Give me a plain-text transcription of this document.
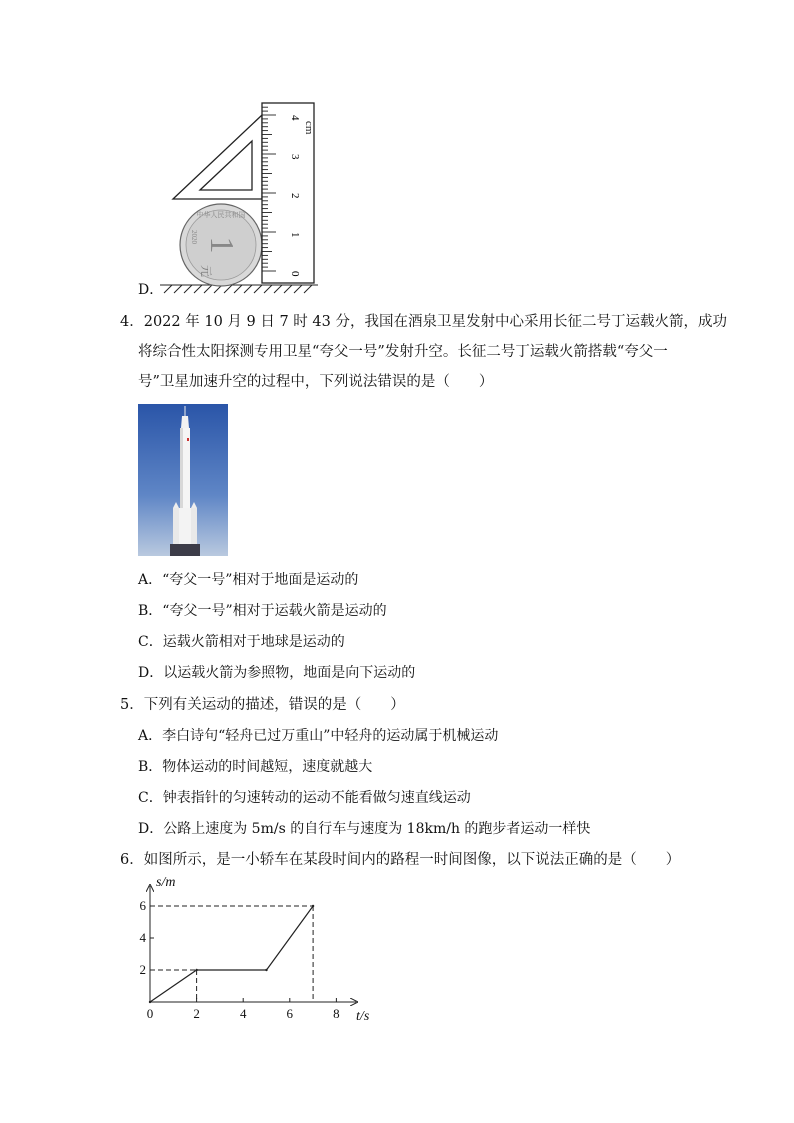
1
元
2020
中华人民共和国
cm
0
1
2
3
4
D．
4．2022 年 10 月 9 日 7 时 43 分，我国在酒泉卫星发射中心采用长征二号丁运载火箭，成功
将综合性太阳探测专用卫星“夸父一号”发射升空。长征二号丁运载火箭搭载“夸父一
号”卫星加速升空的过程中，下列说法错误的是（　　）
A．“夸父一号”相对于地面是运动的
B．“夸父一号”相对于运载火箭是运动的
C．运载火箭相对于地球是运动的
D．以运载火箭为参照物，地面是向下运动的
5．下列有关运动的描述，错误的是（　　）
A．李白诗句“轻舟已过万重山”中轻舟的运动属于机械运动
B．物体运动的时间越短，速度就越大
C．钟表指针的匀速转动的运动不能看做匀速直线运动
D．公路上速度为 5m/s 的自行车与速度为 18km/h 的跑步者运动一样快
6．如图所示，是一小轿车在某段时间内的路程一时间图像，以下说法正确的是（　　）
0	2	4	6	8
2
4
6
t/s
s/m
